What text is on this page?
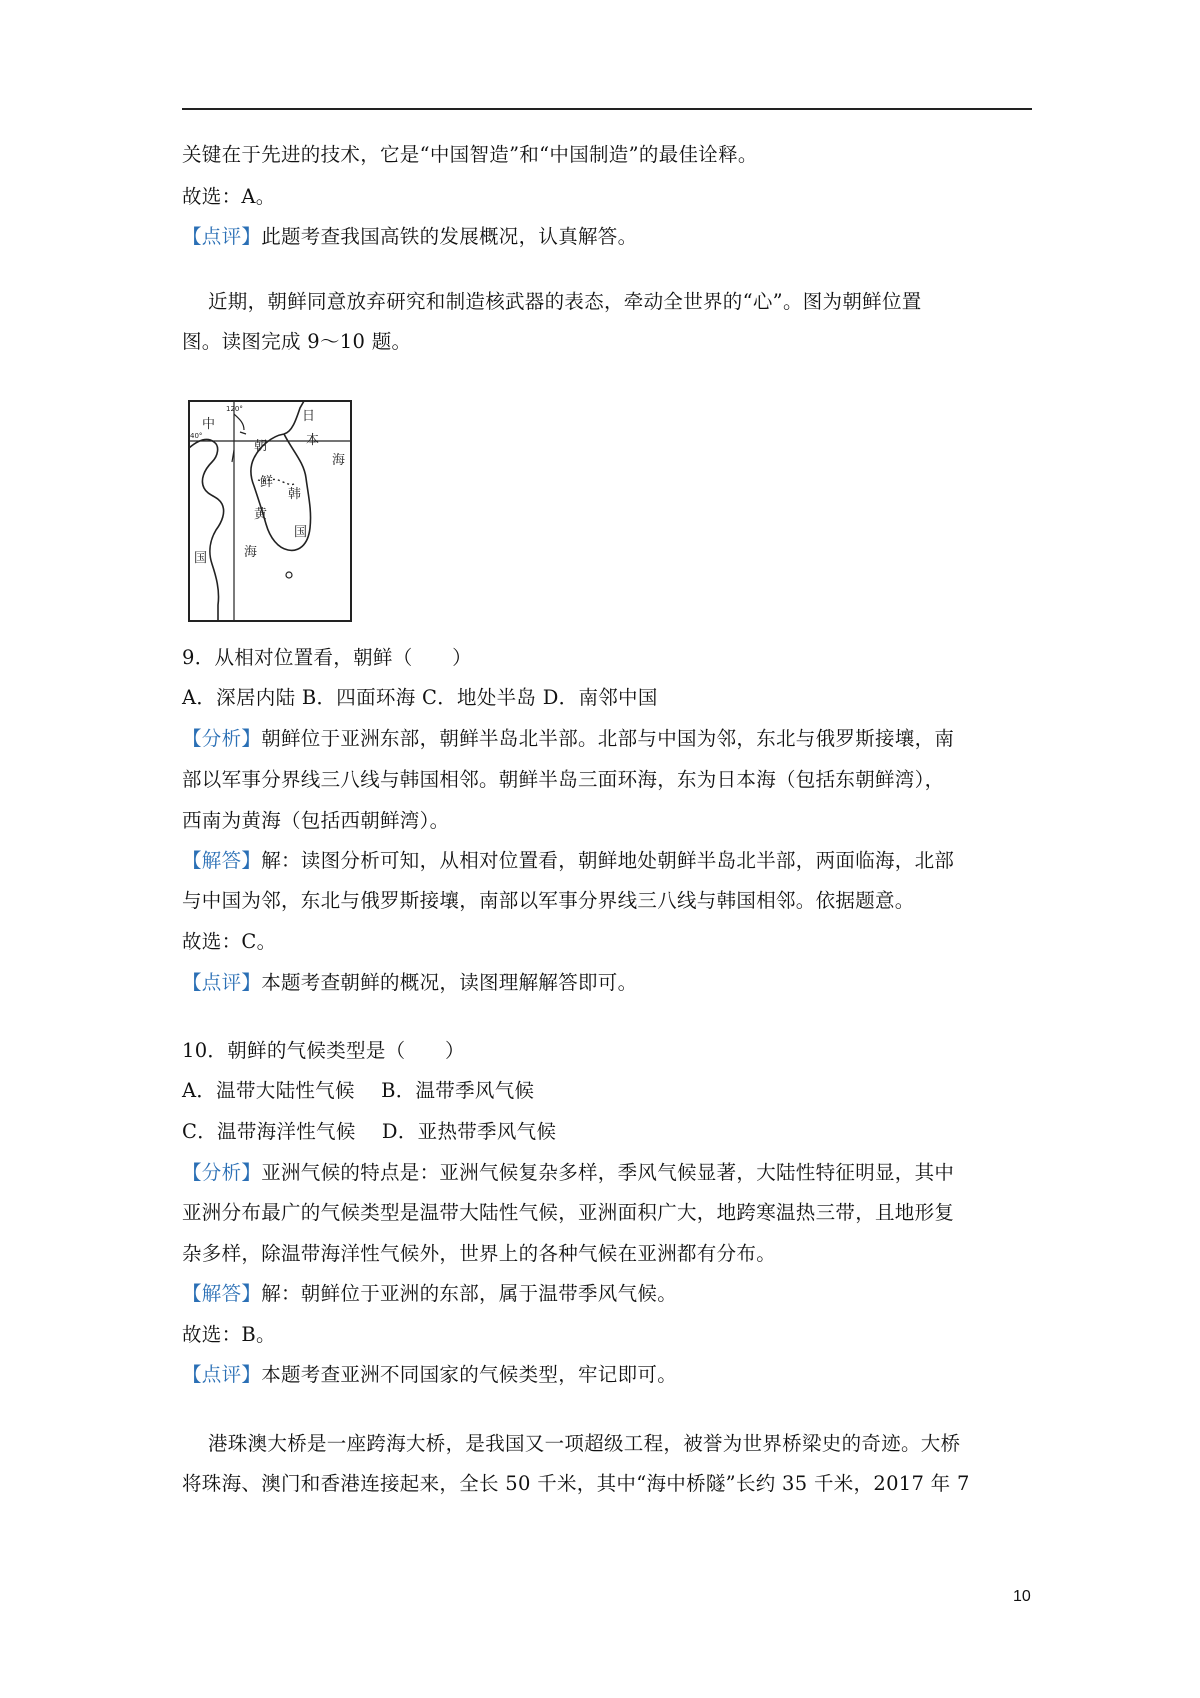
关键在于先进的技术，它是“中国智造”和“中国制造”的最佳诠释。
故选：A。
【点评】此题考查我国高铁的发展概况，认真解答。
近期，朝鲜同意放弃研究和制造核武器的表态，牵动全世界的“心”。图为朝鲜位置
图。读图完成 9～10 题。
120°
40°
中
国
朝
鲜
日
本
海
韩
国
黄
海
9．从相对位置看，朝鲜（　　）
A．深居内陆 B．四面环海 C．地处半岛 D．南邻中国
【分析】朝鲜位于亚洲东部，朝鲜半岛北半部。北部与中国为邻，东北与俄罗斯接壤，南
部以军事分界线三八线与韩国相邻。朝鲜半岛三面环海，东为日本海（包括东朝鲜湾），
西南为黄海（包括西朝鲜湾）。
【解答】解：读图分析可知，从相对位置看，朝鲜地处朝鲜半岛北半部，两面临海，北部
与中国为邻，东北与俄罗斯接壤，南部以军事分界线三八线与韩国相邻。依据题意。
故选：C。
【点评】本题考查朝鲜的概况，读图理解解答即可。
10．朝鲜的气候类型是（　　）
A．温带大陆性气候　 B．温带季风气候
C．温带海洋性气候　 D．亚热带季风气候
【分析】亚洲气候的特点是：亚洲气候复杂多样，季风气候显著，大陆性特征明显，其中
亚洲分布最广的气候类型是温带大陆性气候，亚洲面积广大，地跨寒温热三带，且地形复
杂多样，除温带海洋性气候外，世界上的各种气候在亚洲都有分布。
【解答】解：朝鲜位于亚洲的东部，属于温带季风气候。
故选：B。
【点评】本题考查亚洲不同国家的气候类型，牢记即可。
港珠澳大桥是一座跨海大桥，是我国又一项超级工程，被誉为世界桥梁史的奇迹。大桥
将珠海、澳门和香港连接起来，全长 50 千米，其中“海中桥隧”长约 35 千米，2017 年 7
10
